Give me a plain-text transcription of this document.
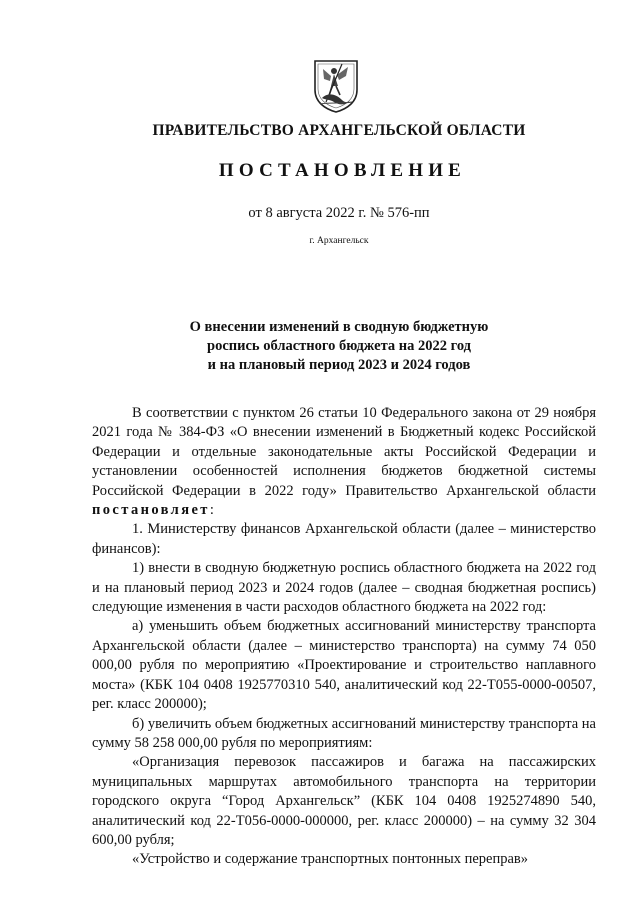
ПРАВИТЕЛЬСТВО АРХАНГЕЛЬСКОЙ ОБЛАСТИ
ПОСТАНОВЛЕНИЕ
от 8 августа 2022 г. № 576-пп
г. Архангельск
О внесении изменений в сводную бюджетную
роспись областного бюджета на 2022 год
и на плановый период 2023 и 2024 годов

В соответствии с пунктом 26 статьи 10 Федерального закона от 29 ноября 2021 года № 384-ФЗ «О внесении изменений в Бюджетный кодекс Российской Федерации и отдельные законодательные акты Российской Федерации и установлении особенностей исполнения бюджетов бюджетной системы Российской Федерации в 2022 году» Правительство Архангельской области постановляет:

1. Министерству финансов Архангельской области (далее – министерство финансов):

1) внести в сводную бюджетную роспись областного бюджета на 2022 год и на плановый период 2023 и 2024 годов (далее – сводная бюджетная роспись) следующие изменения в части расходов областного бюджета на 2022 год:

а) уменьшить объем бюджетных ассигнований министерству транспорта Архангельской области (далее – министерство транспорта) на сумму 74 050 000,00 рубля по мероприятию «Проектирование и строительство наплавного моста» (КБК 104 0408 1925770310 540, аналитический код 22-Т055-0000-00507, рег. класс 200000);

б) увеличить объем бюджетных ассигнований министерству транспорта на сумму 58 258 000,00 рубля по мероприятиям:

«Организация перевозок пассажиров и багажа на пассажирских муниципальных маршрутах автомобильного транспорта на территории городского округа “Город Архангельск” (КБК 104 0408 1925274890 540, аналитический код 22-Т056-0000-000000, рег. класс 200000) – на сумму 32 304 600,00 рубля;

«Устройство и содержание транспортных понтонных переправ»
